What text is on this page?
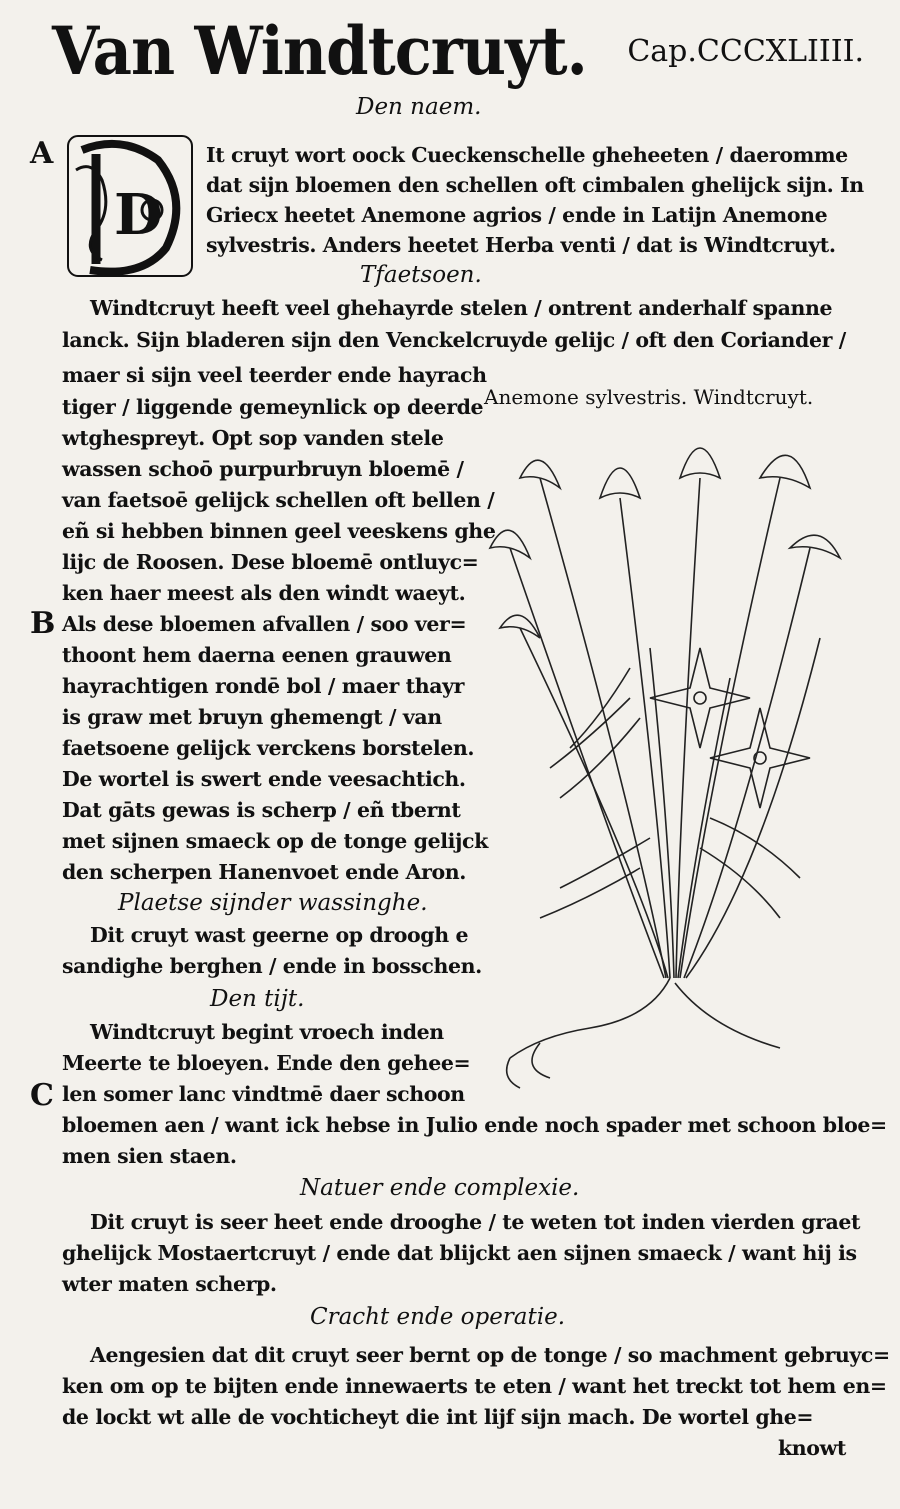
Van Windtcruyt. Cap.CCCXLIIII.
Den naem.
A
D
It cruyt wort oock Cueckenschelle gheheeten / daeromme
dat sijn bloemen den schellen oft cimbalen ghelijck sijn. In
Griecx heetet Anemone agrios / ende in Latijn Anemone
sylvestris. Anders heetet Herba venti / dat is Windtcruyt.
Tfaetsoen.
Windtcruyt heeft veel ghehayrde stelen / ontrent anderhalf spanne
lanck. Sijn bladeren sijn den Venckelcruyde gelijc / oft den Coriander /
maer si sijn veel teerder ende hayrach
tiger / liggende gemeynlick op deerde
wtghespreyt. Opt sop vanden stele
wassen schoō purpurbruyn bloemē /
van faetsoē gelijck schellen oft bellen /
eñ si hebben binnen geel veeskens ghe
lijc de Roosen. Dese bloemē ontluyc=
ken haer meest als den windt waeyt.
B Als dese bloemen afvallen / soo ver=
thoont hem daerna eenen grauwen
hayrachtigen rondē bol / maer thayr
is graw met bruyn ghemengt / van
faetsoene gelijck verckens borstelen.
De wortel is swert ende veesachtich.
Dat gāts gewas is scherp / eñ tbernt
met sijnen smaeck op de tonge gelijck
den scherpen Hanenvoet ende Aron.
Plaetse sijnder wassinghe.
Dit cruyt wast geerne op droogh e
sandighe berghen / ende in bosschen.
Den tijt.
Windtcruyt begint vroech inden
Meerte te bloeyen. Ende den gehee=
C len somer lanc vindtmē daer schoon
bloemen aen / want ick hebse in Julio ende noch spader met schoon bloe=
men sien staen.
Natuer ende complexie.
Dit cruyt is seer heet ende drooghe / te weten tot inden vierden graet
ghelijck Mostaertcruyt / ende dat blijckt aen sijnen smaeck / want hij is
wter maten scherp.
Cracht ende operatie.
Aengesien dat dit cruyt seer bernt op de tonge / so machment gebruyc=
ken om op te bijten ende innewaerts te eten / want het treckt tot hem en=
de lockt wt alle de vochticheyt die int lijf sijn mach. De wortel ghe=
knowt
Anemone sylvestris. Windtcruyt.
